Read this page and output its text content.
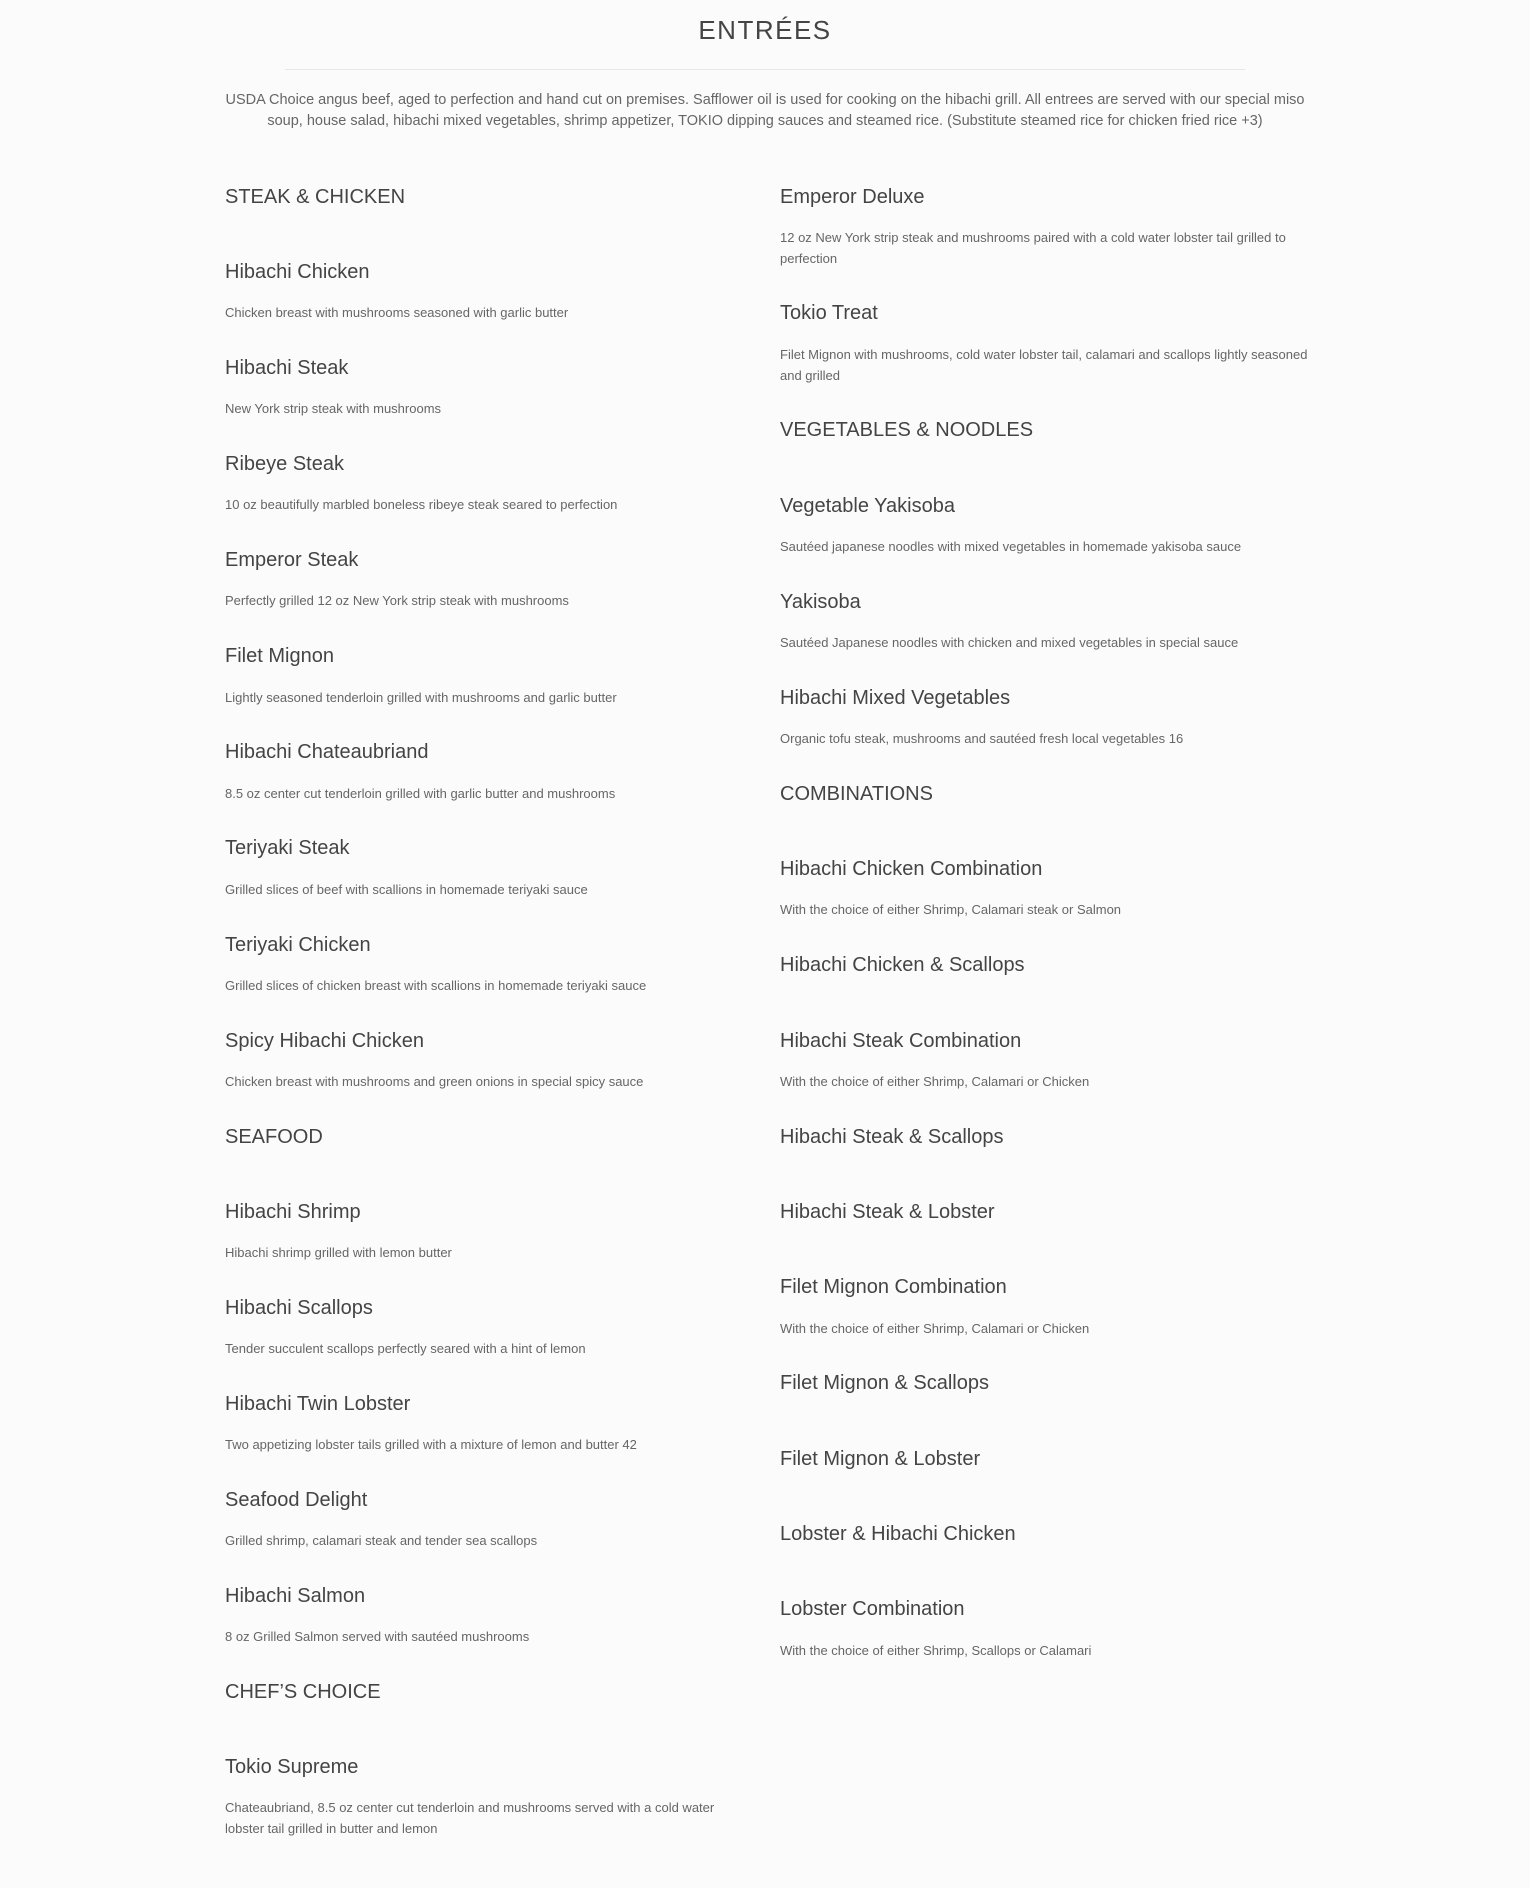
ENTRÉES

USDA Choice angus beef, aged to perfection and hand cut on premises. Safflower oil is used for cooking on the hibachi grill. All entrees are served with our special miso soup, house salad, hibachi mixed vegetables, shrimp appetizer, TOKIO dipping sauces and steamed rice. (Substitute steamed rice for chicken fried rice +3)

STEAK & CHICKEN
Hibachi Chicken

Chicken breast with mushrooms seasoned with garlic butter

Hibachi Steak

New York strip steak with mushrooms

Ribeye Steak

10 oz beautifully marbled boneless ribeye steak seared to perfection

Emperor Steak

Perfectly grilled 12 oz New York strip steak with mushrooms

Filet Mignon

Lightly seasoned tenderloin grilled with mushrooms and garlic butter

Hibachi Chateaubriand

8.5 oz center cut tenderloin grilled with garlic butter and mushrooms

Teriyaki Steak

Grilled slices of beef with scallions in homemade teriyaki sauce

Teriyaki Chicken

Grilled slices of chicken breast with scallions in homemade teriyaki sauce

Spicy Hibachi Chicken

Chicken breast with mushrooms and green onions in special spicy sauce

SEAFOOD
Hibachi Shrimp

Hibachi shrimp grilled with lemon butter

Hibachi Scallops

Tender succulent scallops perfectly seared with a hint of lemon

Hibachi Twin Lobster

Two appetizing lobster tails grilled with a mixture of lemon and butter 42

Seafood Delight

Grilled shrimp, calamari steak and tender sea scallops

Hibachi Salmon

8 oz Grilled Salmon served with sautéed mushrooms

CHEF’S CHOICE
Tokio Supreme

Chateaubriand, 8.5 oz center cut tenderloin and mushrooms served with a cold water lobster tail grilled in butter and lemon

Emperor Deluxe

12 oz New York strip steak and mushrooms paired with a cold water lobster tail grilled to perfection

Tokio Treat

Filet Mignon with mushrooms, cold water lobster tail, calamari and scallops lightly seasoned and grilled

VEGETABLES & NOODLES
Vegetable Yakisoba

Sautéed japanese noodles with mixed vegetables in homemade yakisoba sauce

Yakisoba

Sautéed Japanese noodles with chicken and mixed vegetables in special sauce

Hibachi Mixed Vegetables

Organic tofu steak, mushrooms and sautéed fresh local vegetables 16

COMBINATIONS
Hibachi Chicken Combination

With the choice of either Shrimp, Calamari steak or Salmon

Hibachi Chicken & Scallops
Hibachi Steak Combination

With the choice of either Shrimp, Calamari or Chicken

Hibachi Steak & Scallops
Hibachi Steak & Lobster
Filet Mignon Combination

With the choice of either Shrimp, Calamari or Chicken

Filet Mignon & Scallops
Filet Mignon & Lobster
Lobster & Hibachi Chicken
Lobster Combination

With the choice of either Shrimp, Scallops or Calamari
